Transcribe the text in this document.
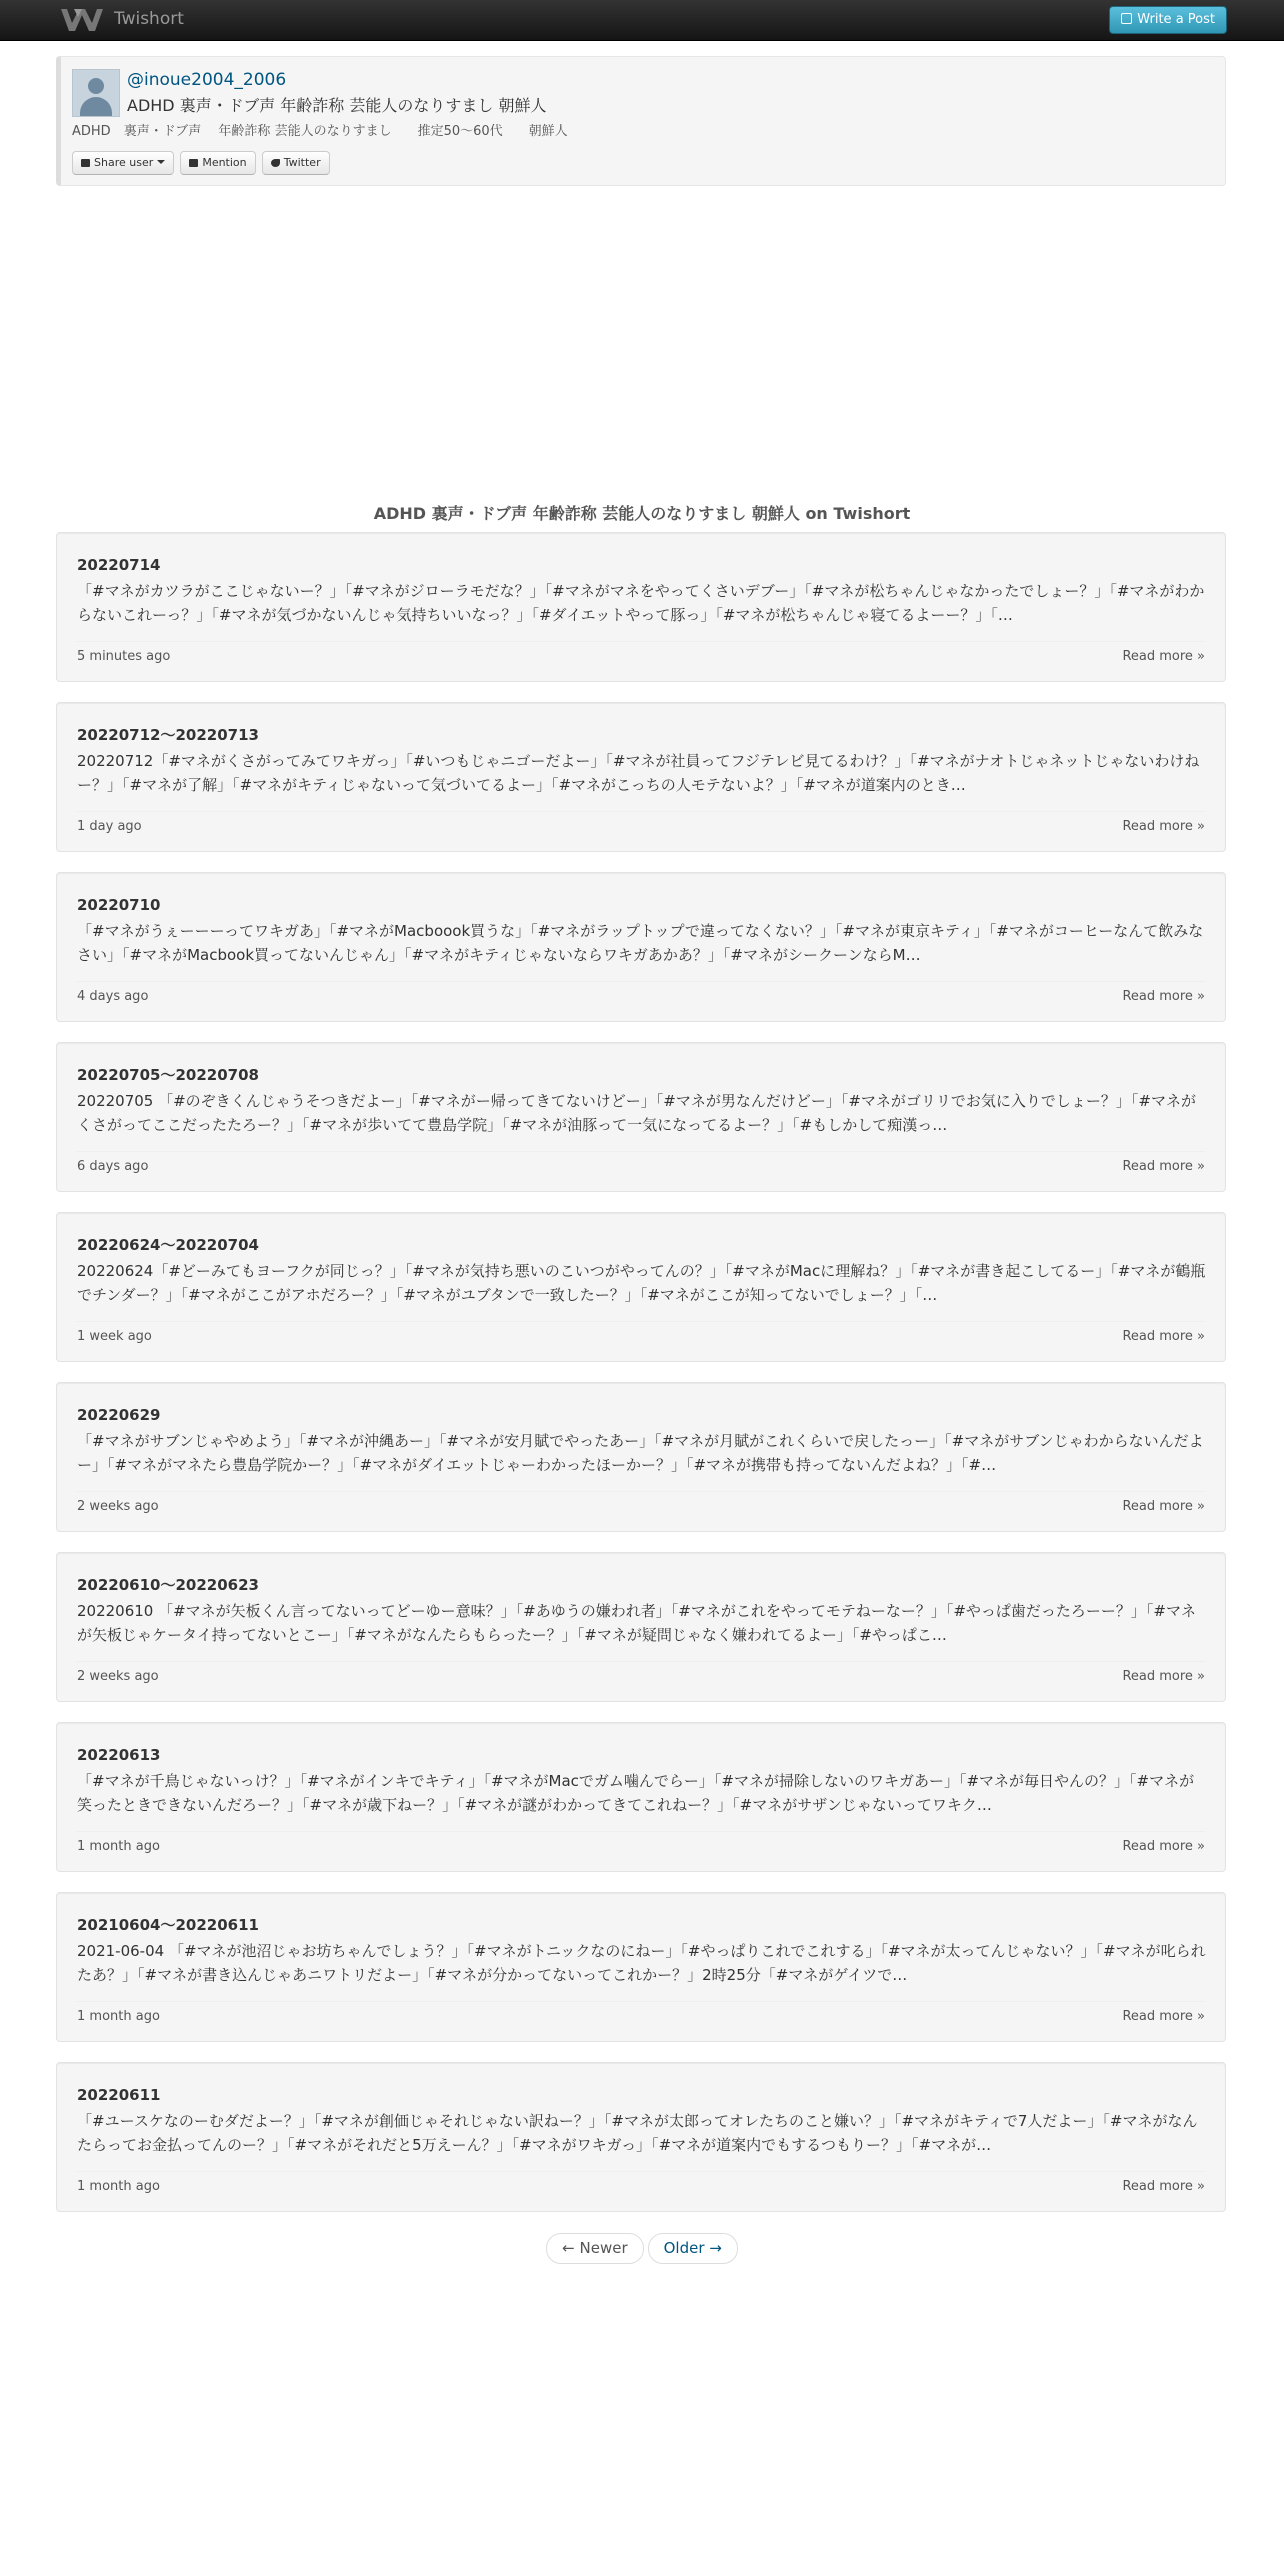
Twishort	Write a Post
@inoue2004_2006
ADHD 裏声・ドブ声 年齢詐称 芸能人のなりすまし 朝鮮人
ADHD　裏声・ドブ声　 年齢詐称 芸能人のなりすまし　　推定50～60代　　朝鮮人
Share user	Mention	Twitter
ADHD 裏声・ドブ声 年齢詐称 芸能人のなりすまし 朝鮮人 on Twishort
20220714
「#マネがカツラがここじゃないー？」「#マネがジローラモだな？」「#マネがマネをやってくさいデブー」「#マネが松ちゃんじゃなかったでしょー？」「#マネがわからないこれーっ？」「#マネが気づかないんじゃ気持ちいいなっ？」「#ダイエットやって豚っ」「#マネが松ちゃんじゃ寝てるよーー？」「…
5 minutes ago	Read more »
20220712～20220713
20220712「#マネがくさがってみてワキガっ」「#いつもじゃニゴーだよー」「#マネが社員ってフジテレビ見てるわけ？」「#マネがナオトじゃネットじゃないわけねー？」「#マネが了解」「#マネがキティじゃないって気づいてるよー」「#マネがこっちの人モテないよ？」「#マネが道案内のとき…
1 day ago	Read more »
20220710
「#マネがうぇーーーってワキガあ」「#マネがMacboook買うな」「#マネがラップトップで違ってなくない？」「#マネが東京キティ」「#マネがコーヒーなんて飲みなさい」「#マネがMacbook買ってないんじゃん」「#マネがキティじゃないならワキガあかあ？」「#マネがシークーンならM…
4 days ago	Read more »
20220705～20220708
20220705 「#のぞきくんじゃうそつきだよー」「#マネがー帰ってきてないけどー」「#マネが男なんだけどー」「#マネがゴリリでお気に入りでしょー？」「#マネがくさがってここだったたろー？」「#マネが歩いてて豊島学院」「#マネが油豚って一気になってるよー？」「#もしかして痴漢っ…
6 days ago	Read more »
20220624～20220704
20220624「#どーみてもヨーフクが同じっ？」「#マネが気持ち悪いのこいつがやってんの？」「#マネがMacに理解ね？」「#マネが書き起こしてるー」「#マネが鶴瓶でチンダー？」「#マネがここがアホだろー？」「#マネがユブタンで一致したー？」「#マネがここが知ってないでしょー？」「…
1 week ago	Read more »
20220629
「#マネがサブンじゃやめよう」「#マネが沖縄あー」「#マネが安月賦でやったあー」「#マネが月賦がこれくらいで戻したっー」「#マネがサブンじゃわからないんだよー」「#マネがマネたら豊島学院かー？」「#マネがダイエットじゃーわかったほーかー？」「#マネが携帯も持ってないんだよね？」「#…
2 weeks ago	Read more »
20220610～20220623
20220610 「#マネが矢板くん言ってないってどーゆー意味？」「#あゆうの嫌われ者」「#マネがこれをやってモテねーなー？」「#やっぱ歯だったろーー？」「#マネが矢板じゃケータイ持ってないとこー」「#マネがなんたらもらったー？」「#マネが疑問じゃなく嫌われてるよー」「#やっぱこ…
2 weeks ago	Read more »
20220613
「#マネが千鳥じゃないっけ？」「#マネがインキでキティ」「#マネがMacでガム噛んでらー」「#マネが掃除しないのワキガあー」「#マネが毎日やんの？」「#マネが笑ったときできないんだろー？」「#マネが歳下ねー？」「#マネが謎がわかってきてこれねー？」「#マネがサザンじゃないってワキク…
1 month ago	Read more »
20210604～20220611
2021-06-04 「#マネが池沼じゃお坊ちゃんでしょう？」「#マネがトニックなのにねー」「#やっぱりこれでこれする」「#マネが太ってんじゃない？」「#マネが叱られたあ？」「#マネが書き込んじゃあニワトリだよー」「#マネが分かってないってこれかー？」2時25分「#マネがゲイツで…
1 month ago	Read more »
20220611
「#ユースケなのーむダだよー？」「#マネが創価じゃそれじゃない訳ねー？」「#マネが太郎ってオレたちのこと嫌い？」「#マネがキティで7人だよー」「#マネがなんたらってお金払ってんのー？」「#マネがそれだと5万えーん？」「#マネがワキガっ」「#マネが道案内でもするつもりー？」「#マネが…
1 month ago	Read more »
← Newer Older →
